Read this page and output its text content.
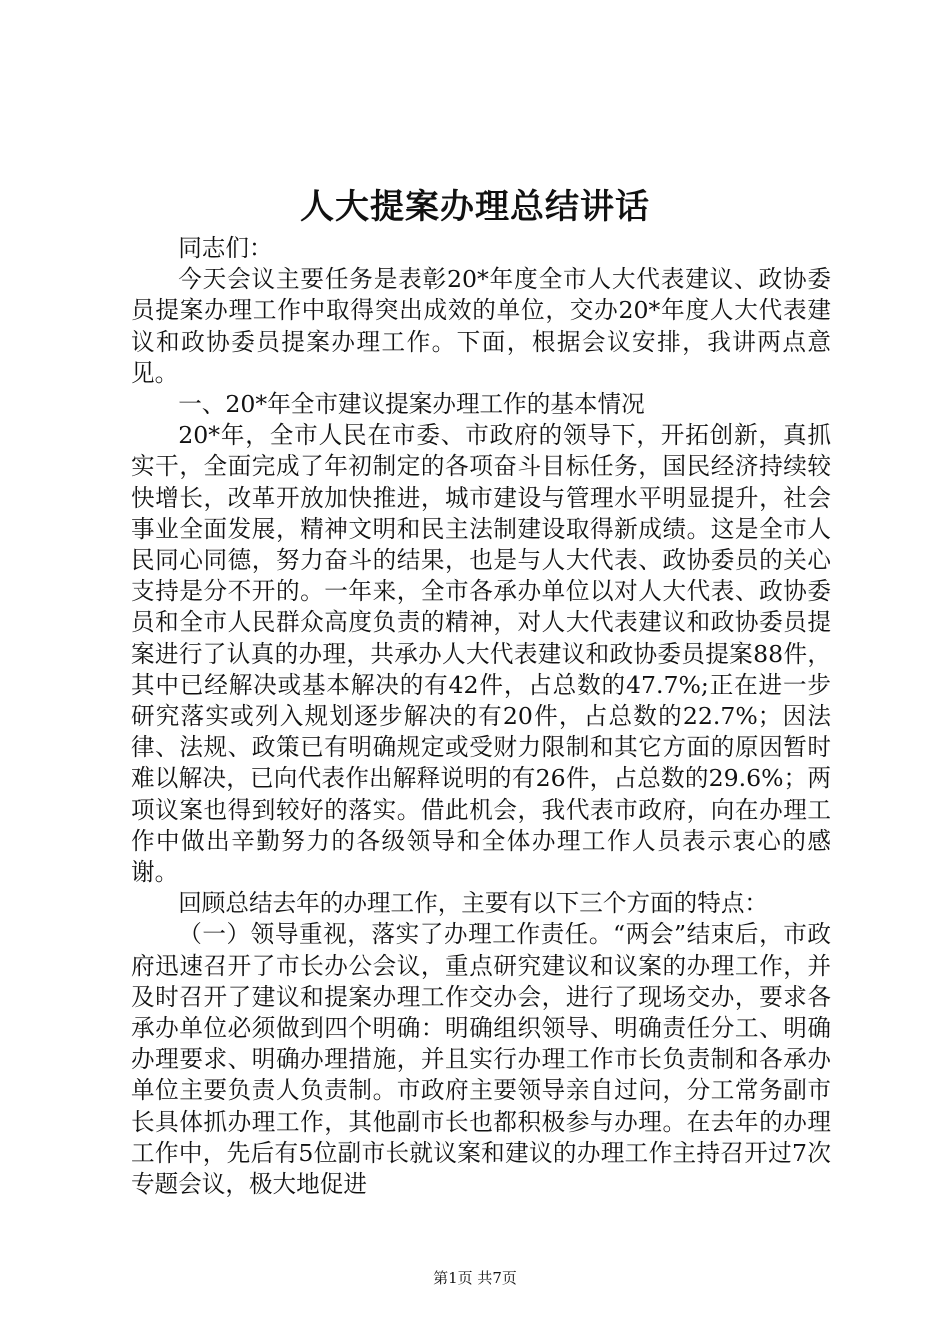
人大提案办理总结讲话

同志们：

今天会议主要任务是表彰20*年度全市人大代表建议、政协委员提案办理工作中取得突出成效的单位，交办20*年度人大代表建议和政协委员提案办理工作。下面，根据会议安排，我讲两点意见。

一、20*年全市建议提案办理工作的基本情况

20*年，全市人民在市委、市政府的领导下，开拓创新，真抓实干，全面完成了年初制定的各项奋斗目标任务，国民经济持续较快增长，改革开放加快推进，城市建设与管理水平明显提升，社会事业全面发展，精神文明和民主法制建设取得新成绩。这是全市人民同心同德，努力奋斗的结果，也是与人大代表、政协委员的关心支持是分不开的。一年来，全市各承办单位以对人大代表、政协委员和全市人民群众高度负责的精神，对人大代表建议和政协委员提案进行了认真的办理，共承办人大代表建议和政协委员提案88件，其中已经解决或基本解决的有42件，占总数的47.7%;正在进一步研究落实或列入规划逐步解决的有20件，占总数的22.7%；因法律、法规、政策已有明确规定或受财力限制和其它方面的原因暂时难以解决，已向代表作出解释说明的有26件，占总数的29.6%；两项议案也得到较好的落实。借此机会，我代表市政府，向在办理工作中做出辛勤努力的各级领导和全体办理工作人员表示衷心的感谢。

回顾总结去年的办理工作，主要有以下三个方面的特点：

（一）领导重视，落实了办理工作责任。“两会”结束后，市政府迅速召开了市长办公会议，重点研究建议和议案的办理工作，并及时召开了建议和提案办理工作交办会，进行了现场交办，要求各承办单位必须做到四个明确：明确组织领导、明确责任分工、明确办理要求、明确办理措施，并且实行办理工作市长负责制和各承办单位主要负责人负责制。市政府主要领导亲自过问，分工常务副市长具体抓办理工作，其他副市长也都积极参与办理。在去年的办理工作中，先后有5位副市长就议案和建议的办理工作主持召开过7次专题会议，极大地促进

第1页 共7页
